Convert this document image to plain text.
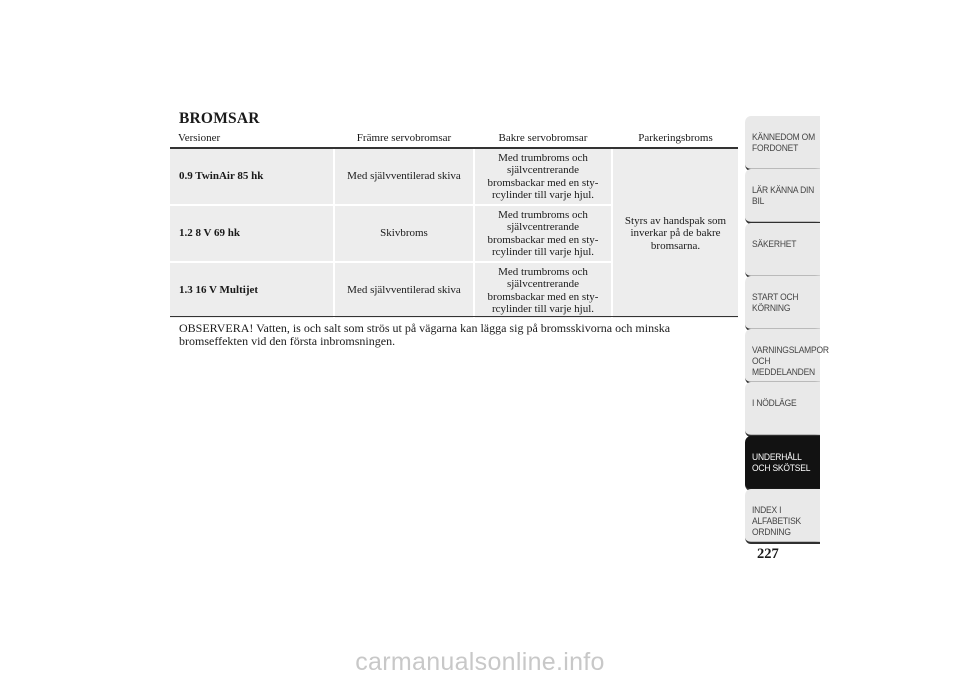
BROMSAR
Versioner	Främre servobromsar	Bakre servobromsar	Parkeringsbroms
0.9 TwinAir 85 hk	Med självventilerad skiva	Med trumbroms och självcentrerande bromsbackar med en sty-rcylinder till varje hjul.	Styrs av handspak som inverkar på de bakre bromsarna.
1.2 8 V 69 hk	Skivbroms	Med trumbroms och självcentrerande bromsbackar med en sty-rcylinder till varje hjul.	
1.3 16 V Multijet	Med självventilerad skiva	Med trumbroms och självcentrerande bromsbackar med en sty-rcylinder till varje hjul.	
OBSERVERA! Vatten, is och salt som strös ut på vägarna kan lägga sig på bromsskivorna och minska bromseffekten vid den första inbromsningen.
KÄNNEDOM OM FORDONET
LÄR KÄNNA DIN BIL
SÄKERHET
START OCH KÖRNING
VARNINGSLAMPOR OCH MEDDELANDEN
I NÖDLÄGE
UNDERHÅLL OCH SKÖTSEL
INDEX I ALFABETISK ORDNING
227
carmanualsonline.info
